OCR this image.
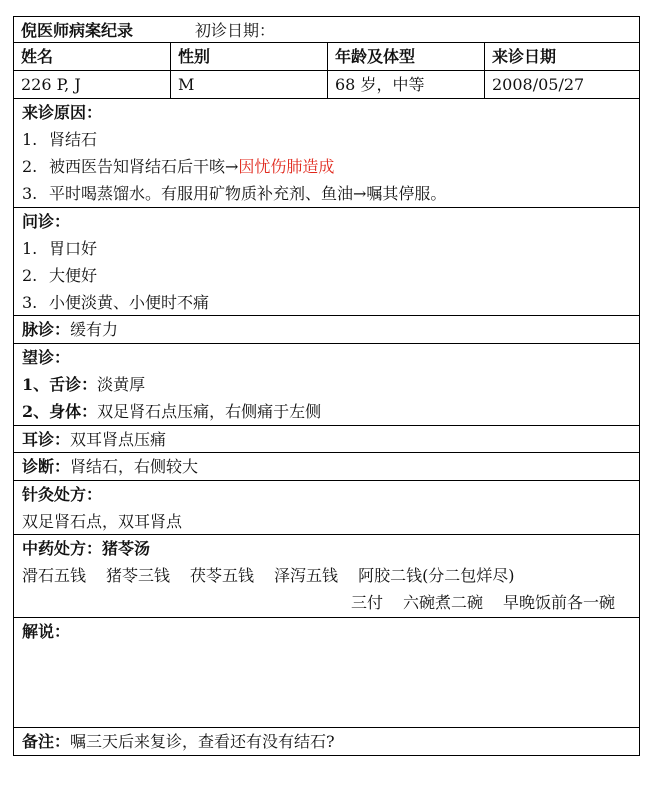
倪医师病案纪录	初诊日期：
姓名	性别	年龄及体型	来诊日期
226 P, J	M	68 岁，中等	2008/05/27
来诊原因：
1. 肾结石
2. 被西医告知肾结石后干咳→因忧伤肺造成
3. 平时喝蒸馏水。有服用矿物质补充剂、鱼油→嘱其停服。
问诊：
1. 胃口好
2. 大便好
3. 小便淡黄、小便时不痛
脉诊：缓有力
望诊：
1、舌诊：淡黄厚
2、身体：双足肾石点压痛，右侧痛于左侧
耳诊：双耳肾点压痛
诊断：肾结石，右侧较大
针灸处方：
双足肾石点，双耳肾点
中药处方：猪苓汤
滑石五钱 猪苓三钱 茯苓五钱 泽泻五钱 阿胶二钱(分二包烊尽)
三付 六碗煮二碗 早晚饭前各一碗
解说：
备注：嘱三天后来复诊，查看还有没有结石?
